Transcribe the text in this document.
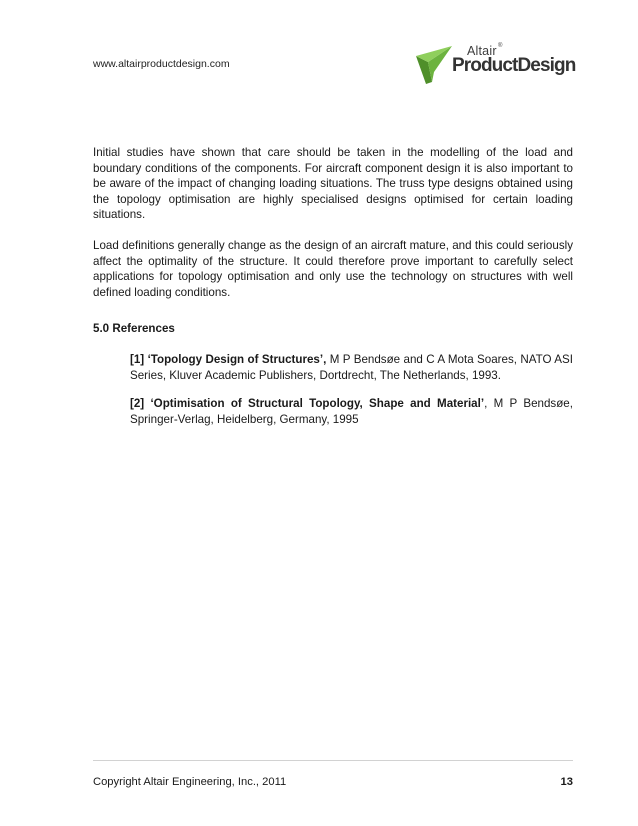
www.altairproductdesign.com
Altair ®
ProductDesign

Initial studies have shown that care should be taken in the modelling of the load and boundary conditions of the components. For aircraft component design it is also important to be aware of the impact of changing loading situations. The truss type designs obtained using the topology optimisation are highly specialised designs optimised for certain loading situations.

Load definitions generally change as the design of an aircraft mature, and this could seriously affect the optimality of the structure. It could therefore prove important to carefully select applications for topology optimisation and only use the technology on structures with well defined loading conditions.

5.0 References

[1] ‘Topology Design of Structures’, M P Bendsøe and C A Mota Soares, NATO ASI Series, Kluver Academic Publishers, Dortdrecht, The Netherlands, 1993.

[2] ‘Optimisation of Structural Topology, Shape and Material’, M P Bendsøe, Springer-Verlag, Heidelberg, Germany, 1995

Copyright Altair Engineering, Inc., 2011	13
